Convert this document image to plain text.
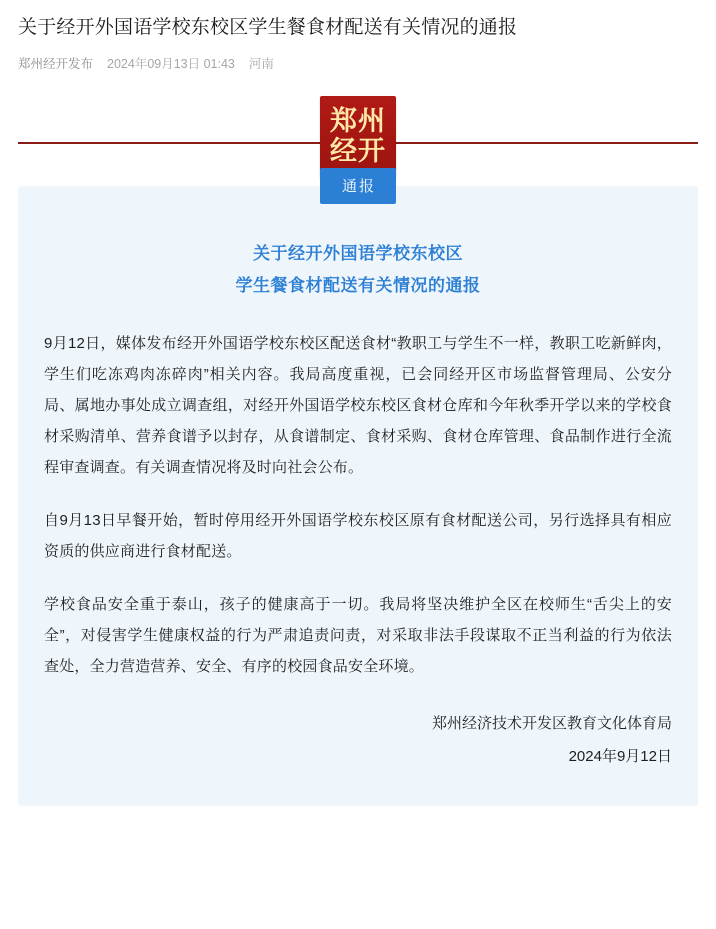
关于经开外国语学校东校区学生餐食材配送有关情况的通报
郑州经开发布 2024年09月13日 01:43 河南
郑州
经开
通报
关于经开外国语学校东校区
学生餐食材配送有关情况的通报

9月12日，媒体发布经开外国语学校东校区配送食材“教职工与学生不一样，教职工吃新鲜肉，学生们吃冻鸡肉冻碎肉”相关内容。我局高度重视，已会同经开区市场监督管理局、公安分局、属地办事处成立调查组，对经开外国语学校东校区食材仓库和今年秋季开学以来的学校食材采购清单、营养食谱予以封存，从食谱制定、食材采购、食材仓库管理、食品制作进行全流程审查调查。有关调查情况将及时向社会公布。

自9月13日早餐开始，暂时停用经开外国语学校东校区原有食材配送公司，另行选择具有相应资质的供应商进行食材配送。

学校食品安全重于泰山，孩子的健康高于一切。我局将坚决维护全区在校师生“舌尖上的安全”，对侵害学生健康权益的行为严肃追责问责，对采取非法手段谋取不正当利益的行为依法查处，全力营造营养、安全、有序的校园食品安全环境。

郑州经济技术开发区教育文化体育局
2024年9月12日
